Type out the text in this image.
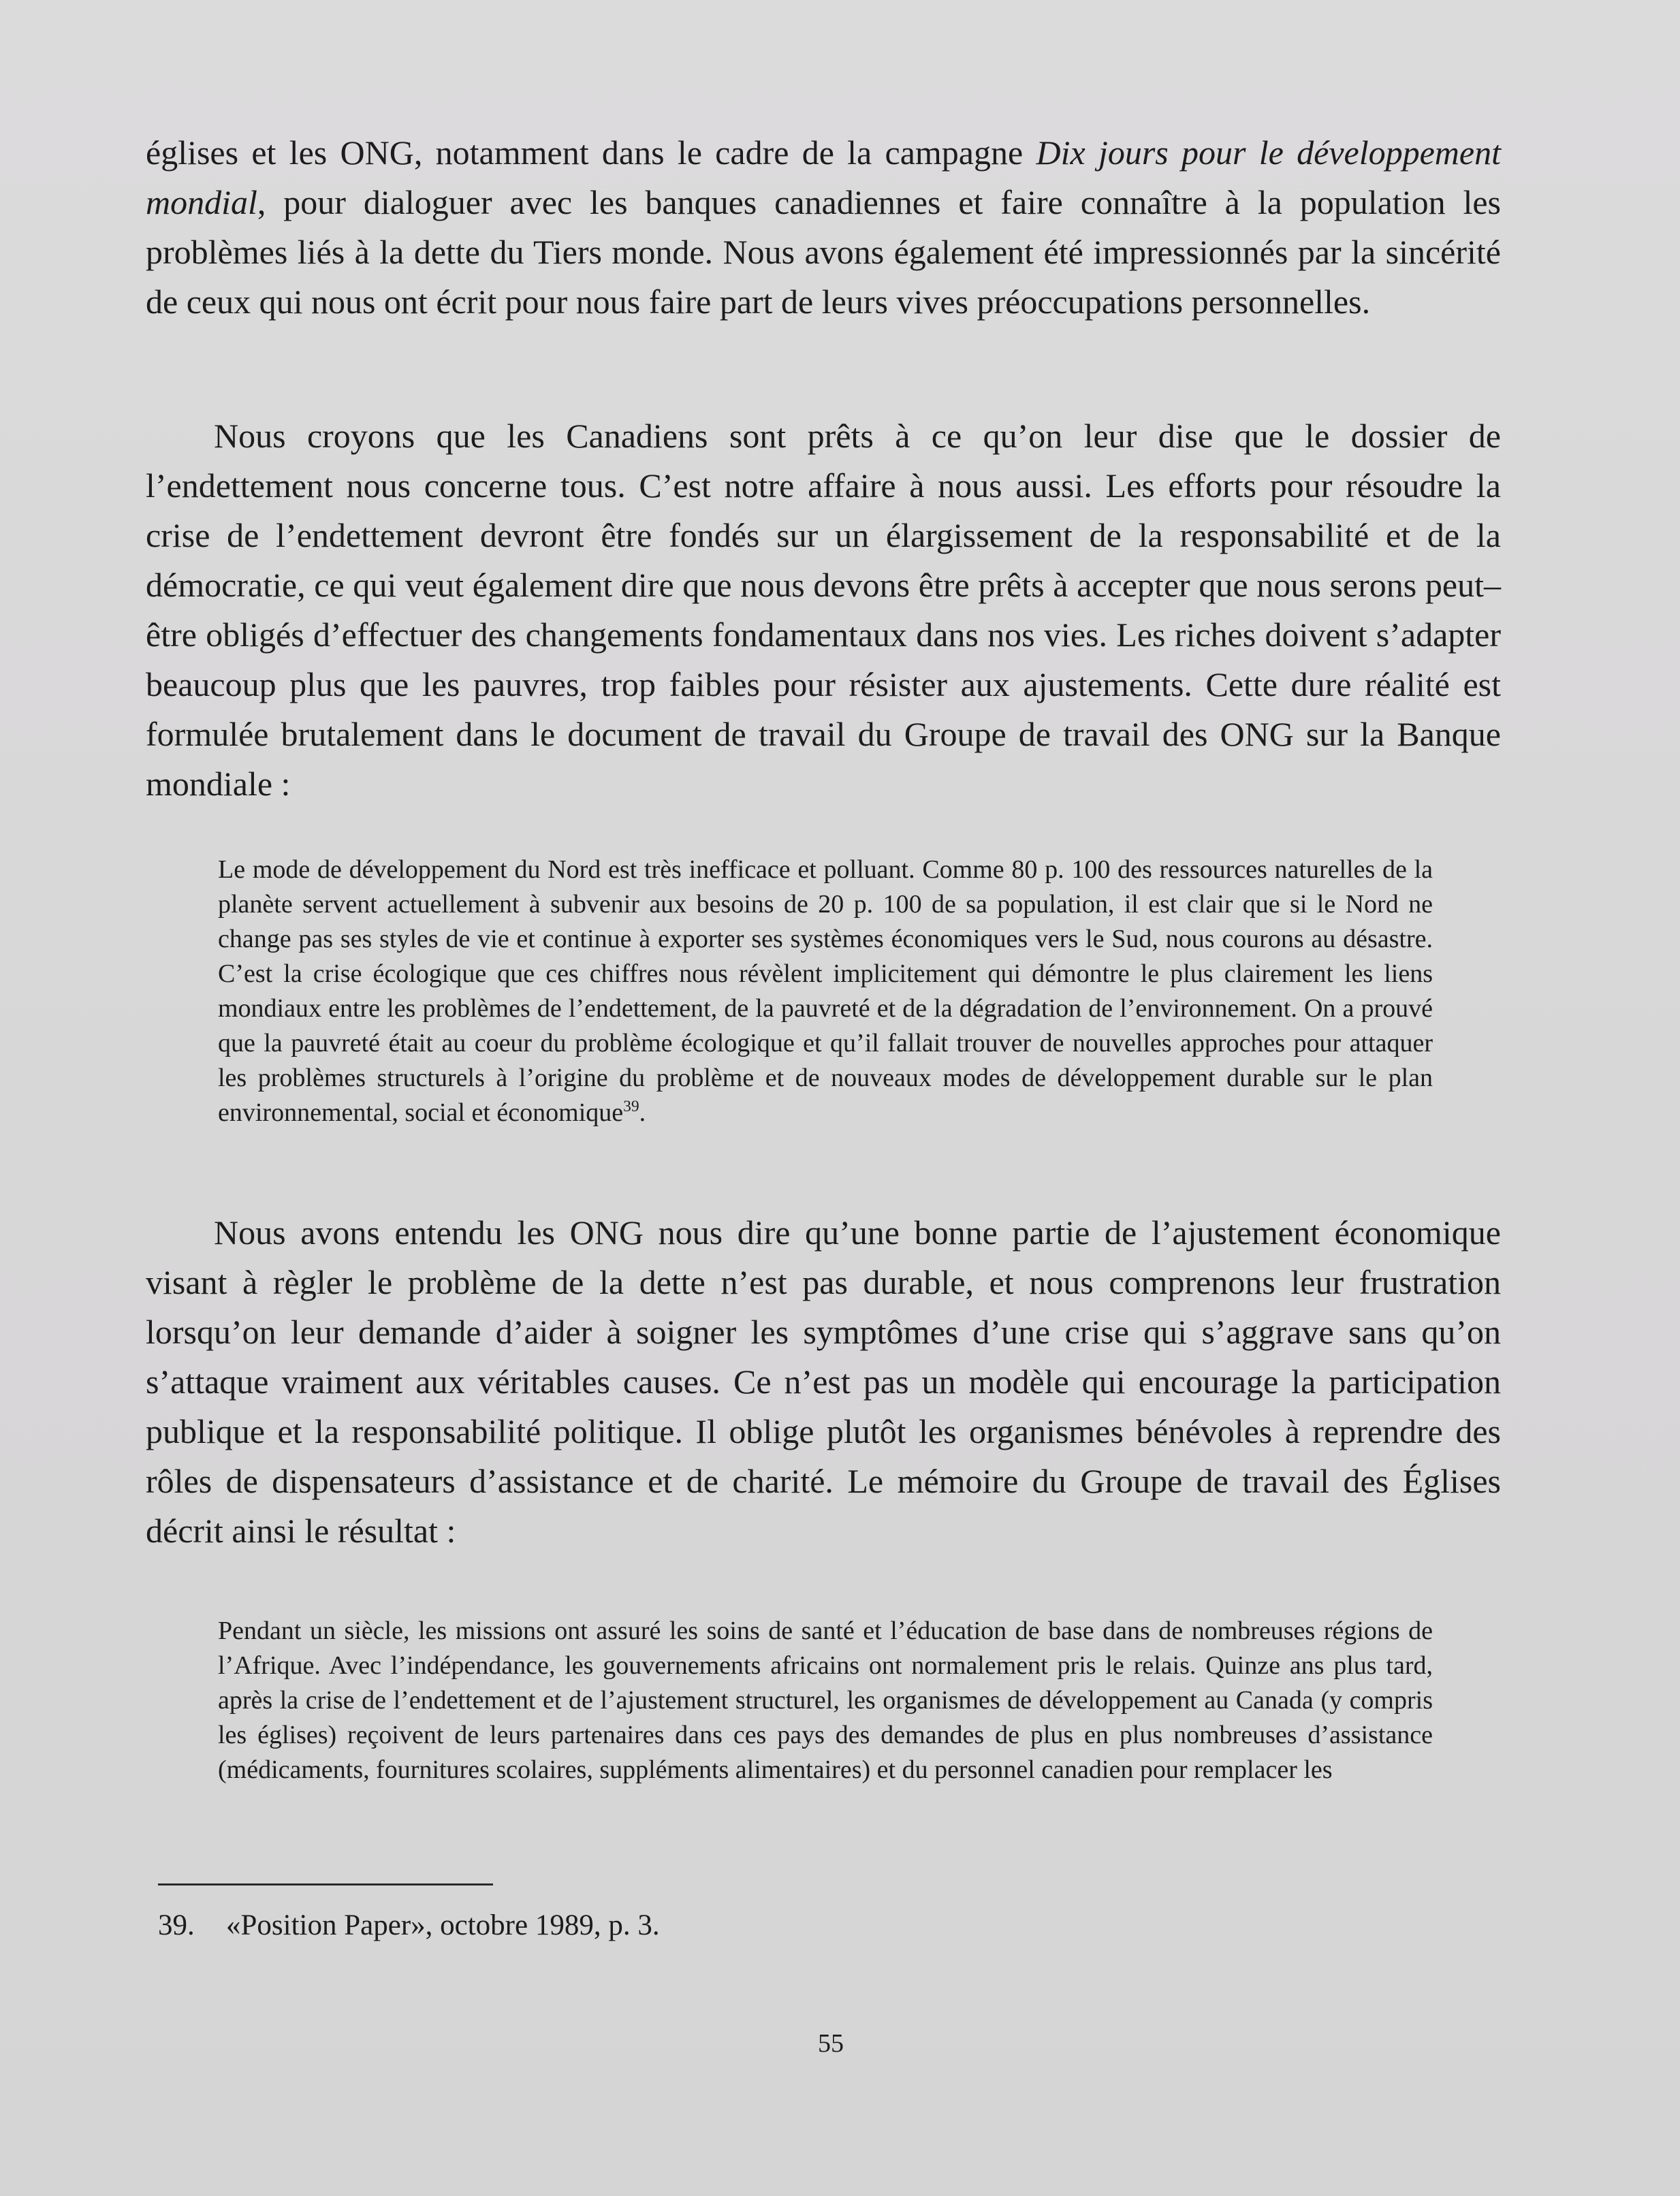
églises et les ONG, notamment dans le cadre de la campagne Dix jours pour le développement mondial, pour dialoguer avec les banques canadiennes et faire connaître à la population les problèmes liés à la dette du Tiers monde. Nous avons également été impressionnés par la sincérité de ceux qui nous ont écrit pour nous faire part de leurs vives préoccupations personnelles.

Nous croyons que les Canadiens sont prêts à ce qu’on leur dise que le dossier de l’endettement nous concerne tous. C’est notre affaire à nous aussi. Les efforts pour résoudre la crise de l’endettement devront être fondés sur un élargissement de la responsabilité et de la démocratie, ce qui veut également dire que nous devons être prêts à accepter que nous serons peut–être obligés d’effectuer des changements fondamentaux dans nos vies. Les riches doivent s’adapter beaucoup plus que les pauvres, trop faibles pour résister aux ajustements. Cette dure réalité est formulée brutalement dans le document de travail du Groupe de travail des ONG sur la Banque mondiale :

Le mode de développement du Nord est très inefficace et polluant. Comme 80 p. 100 des ressources naturelles de la planète servent actuellement à subvenir aux besoins de 20 p. 100 de sa population, il est clair que si le Nord ne change pas ses styles de vie et continue à exporter ses systèmes économiques vers le Sud, nous courons au désastre. C’est la crise écologique que ces chiffres nous révèlent implicitement qui démontre le plus clairement les liens mondiaux entre les problèmes de l’endettement, de la pauvreté et de la dégradation de l’environnement. On a prouvé que la pauvreté était au coeur du problème écologique et qu’il fallait trouver de nouvelles approches pour attaquer les problèmes structurels à l’origine du problème et de nouveaux modes de développement durable sur le plan environnemental, social et économique$^{39}$.

Nous avons entendu les ONG nous dire qu’une bonne partie de l’ajustement économique visant à règler le problème de la dette n’est pas durable, et nous comprenons leur frustration lorsqu’on leur demande d’aider à soigner les symptômes d’une crise qui s’aggrave sans qu’on s’attaque vraiment aux véritables causes. Ce n’est pas un modèle qui encourage la participation publique et la responsabilité politique. Il oblige plutôt les organismes bénévoles à reprendre des rôles de dispensateurs d’assistance et de charité. Le mémoire du Groupe de travail des Églises décrit ainsi le résultat :

Pendant un siècle, les missions ont assuré les soins de santé et l’éducation de base dans de nombreuses régions de l’Afrique. Avec l’indépendance, les gouvernements africains ont normalement pris le relais. Quinze ans plus tard, après la crise de l’endettement et de l’ajustement structurel, les organismes de développement au Canada (y compris les églises) reçoivent de leurs partenaires dans ces pays des demandes de plus en plus nombreuses d’assistance (médicaments, fournitures scolaires, suppléments alimentaires) et du personnel canadien pour remplacer les

39. «Position Paper», octobre 1989, p. 3.

55
